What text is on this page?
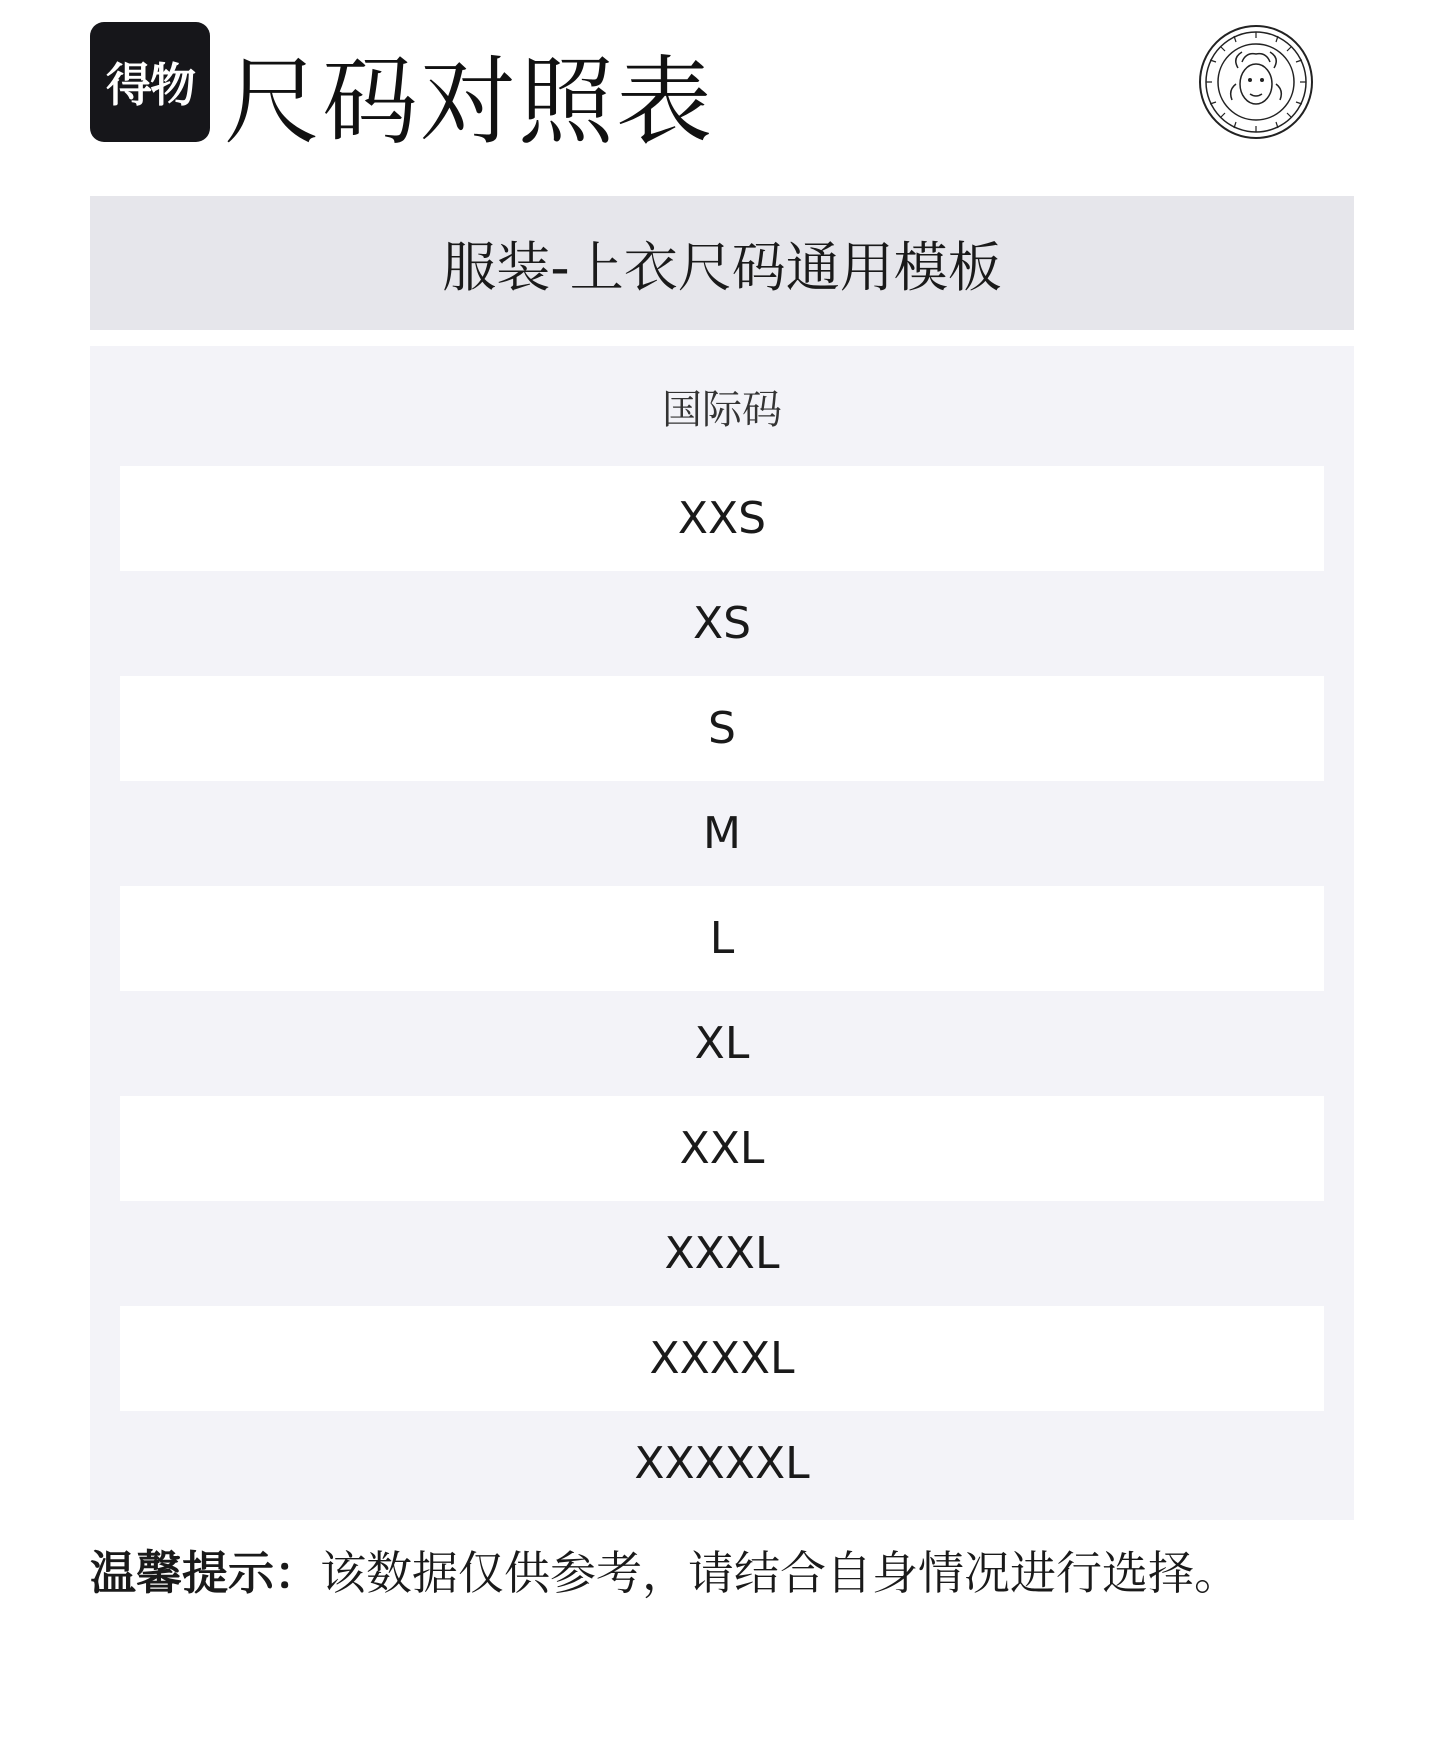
得物 尺码对照表
服装-上衣尺码通用模板
国际码
XXS
XS
S
M
L
XL
XXL
XXXL
XXXXL
XXXXXL
温馨提示：该数据仅供参考，请结合自身情况进行选择。
